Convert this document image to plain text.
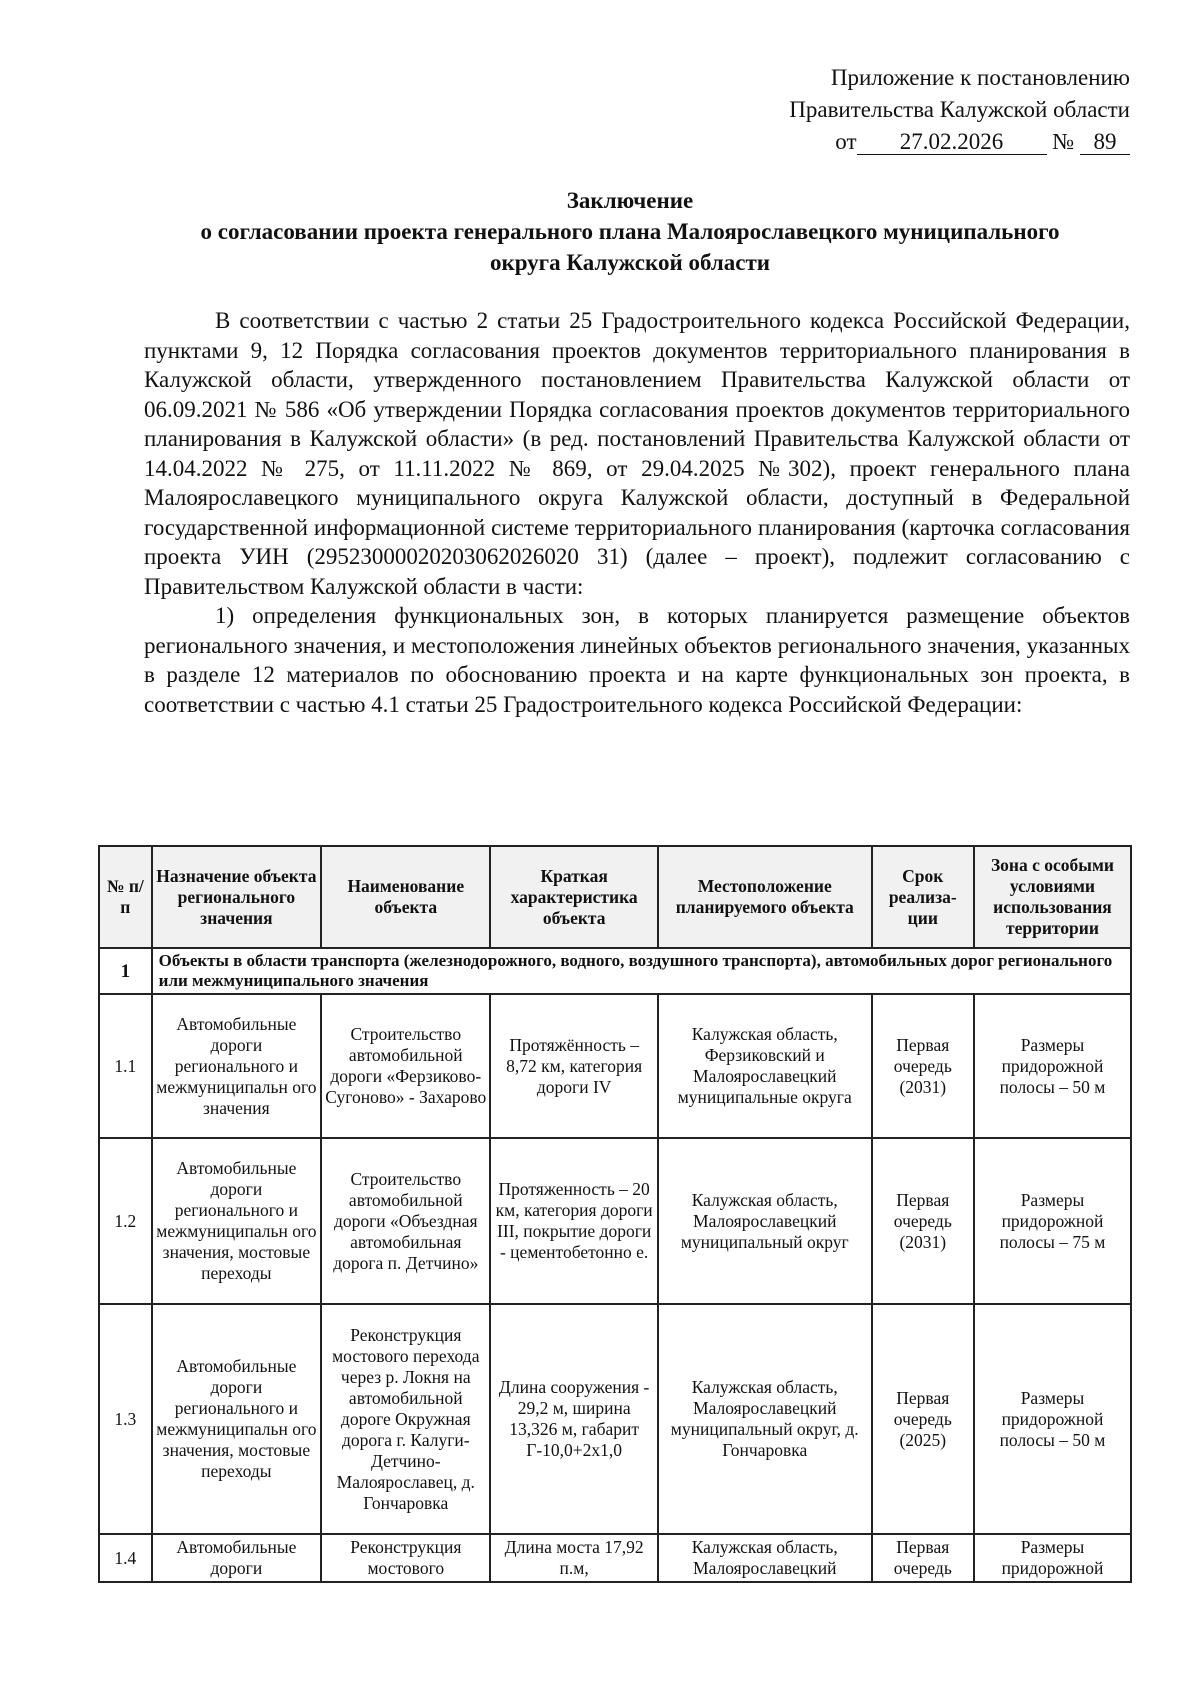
Приложение к постановлению
Правительства Калужской области
от 27.02.2026 № 89
Заключение
о согласовании проекта генерального плана Малоярославецкого муниципального
округа Калужской области

В соответствии с частью 2 статьи 25 Градостроительного кодекса Российской Федерации, пунктами 9, 12 Порядка согласования проектов документов территориального планирования в Калужской области, утвержденного постановлением Правительства Калужской области от 06.09.2021 № 586 «Об утверждении Порядка согласования проектов документов территориального планирования в Калужской области» (в ред. постановлений Правительства Калужской области от 14.04.2022 № 275, от 11.11.2022 № 869, от 29.04.2025 №302), проект генерального плана Малоярославецкого муниципального округа Калужской области, доступный в Федеральной государственной информационной системе территориального планирования (карточка согласования проекта УИН (29523000020203062026020 31) (далее – проект), подлежит согласованию с Правительством Калужской области в части:

1) определения функциональных зон, в которых планируется размещение объектов регионального значения, и местоположения линейных объектов регионального значения, указанных в разделе 12 материалов по обоснованию проекта и на карте функциональных зон проекта, в соответствии с частью 4.1 статьи 25 Градостроительного кодекса Российской Федерации:

№ п/п	Назначение объекта регионального значения	Наименование объекта	Краткая характеристика объекта	Местоположение планируемого объекта	Срок реализа-ции	Зона с особыми условиями использования территории
1	Объекты в области транспорта (железнодорожного, водного, воздушного транспорта), автомобильных дорог регионального или межмуниципального значения					
1.1	Автомобильные дороги регионального и межмуниципальн ого значения	Строительство автомобильной дороги «Ферзиково-Сугоново» - Захарово	Протяжённость – 8,72 км, категория дороги IV	Калужская область, Ферзиковский и Малоярославецкий муниципальные округа	Первая очередь (2031)	Размеры придорожной полосы – 50 м
1.2	Автомобильные дороги регионального и межмуниципальн ого значения, мостовые переходы	Строительство автомобильной дороги «Объездная автомобильная дорога п. Детчино»	Протяженность – 20 км, категория дороги III, покрытие дороги - цементобетонно е.	Калужская область, Малоярославецкий муниципальный округ	Первая очередь (2031)	Размеры придорожной полосы – 75 м
1.3	Автомобильные дороги регионального и межмуниципальн ого значения, мостовые переходы	Реконструкция мостового перехода через р. Локня на автомобильной дороге Окружная дорога г. Калуги-Детчино-Малоярославец, д. Гончаровка	Длина сооружения - 29,2 м, ширина 13,326 м, габарит Г-10,0+2х1,0	Калужская область, Малоярославецкий муниципальный округ, д. Гончаровка	Первая очередь (2025)	Размеры придорожной полосы – 50 м
1.4	Автомобильные дороги	Реконструкция мостового	Длина моста 17,92 п.м,	Калужская область, Малоярославецкий	Первая очередь	Размеры придорожной
